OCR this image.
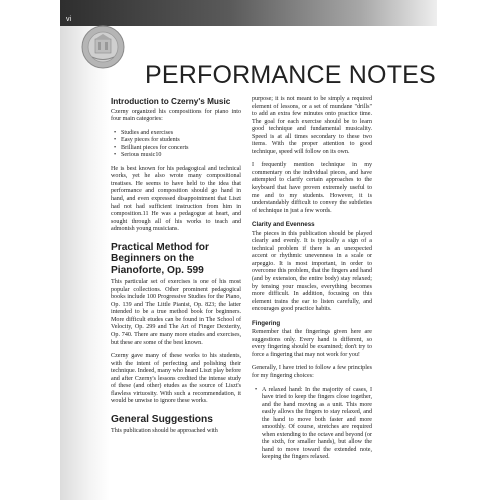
vi
PERFORMANCE NOTES
Introduction to Czerny's Music

Czerny organized his compositions for piano into four main categories:

• Studies and exercises
• Easy pieces for students
• Brilliant pieces for concerts
• Serious music10

He is best known for his pedagogical and technical works, yet he also wrote many compositional treatises. He seems to have held to the idea that performance and composition should go hand in hand, and even expressed disappointment that Liszt had not had sufficient instruction from him in composition.11 He was a pedagogue at heart, and sought through all of his works to teach and admonish young musicians.

Practical Method for Beginners on the Pianoforte, Op. 599

This particular set of exercises is one of his most popular collections. Other prominent pedagogical books include 100 Progressive Studies for the Piano, Op. 139 and The Little Pianist, Op. 823; the latter intended to be a true method book for beginners. More difficult etudes can be found in The School of Velocity, Op. 299 and The Art of Finger Dexterity, Op. 740. There are many more etudes and exercises, but these are some of the best known.

Czerny gave many of these works to his students, with the intent of perfecting and polishing their technique. Indeed, many who heard Liszt play before and after Czerny's lessons credited the intense study of these (and other) etudes as the source of Liszt's flawless virtuosity. With such a recommendation, it would be unwise to ignore these works.

General Suggestions

This publication should be approached with

purpose; it is not meant to be simply a required element of lessons, or a set of mundane "drills" to add an extra few minutes onto practice time. The goal for each exercise should be to learn good technique and fundamental musicality. Speed is at all times secondary to these two items. With the proper attention to good technique, speed will follow on its own.

I frequently mention technique in my commentary on the individual pieces, and have attempted to clarify certain approaches to the keyboard that have proven extremely useful to me and to my students. However, it is understandably difficult to convey the subtleties of technique in just a few words.

Clarity and Evenness

The pieces in this publication should be played clearly and evenly. It is typically a sign of a technical problem if there is an unexpected accent or rhythmic unevenness in a scale or arpeggio. It is most important, in order to overcome this problem, that the fingers and hand (and by extension, the entire body) stay relaxed; by tensing your muscles, everything becomes more difficult. In addition, focusing on this element trains the ear to listen carefully, and encourages good practice habits.

Fingering

Remember that the fingerings given here are suggestions only. Every hand is different, so every fingering should be examined; don't try to force a fingering that may not work for you!

Generally, I have tried to follow a few principles for my fingering choices:

• A relaxed hand: In the majority of cases, I have tried to keep the fingers close together, and the hand moving as a unit. This more easily allows the fingers to stay relaxed, and the hand to move both faster and more smoothly. Of course, stretches are required when extending to the octave and beyond (or the sixth, for smaller hands), but allow the hand to move toward the extended note, keeping the fingers relaxed.
